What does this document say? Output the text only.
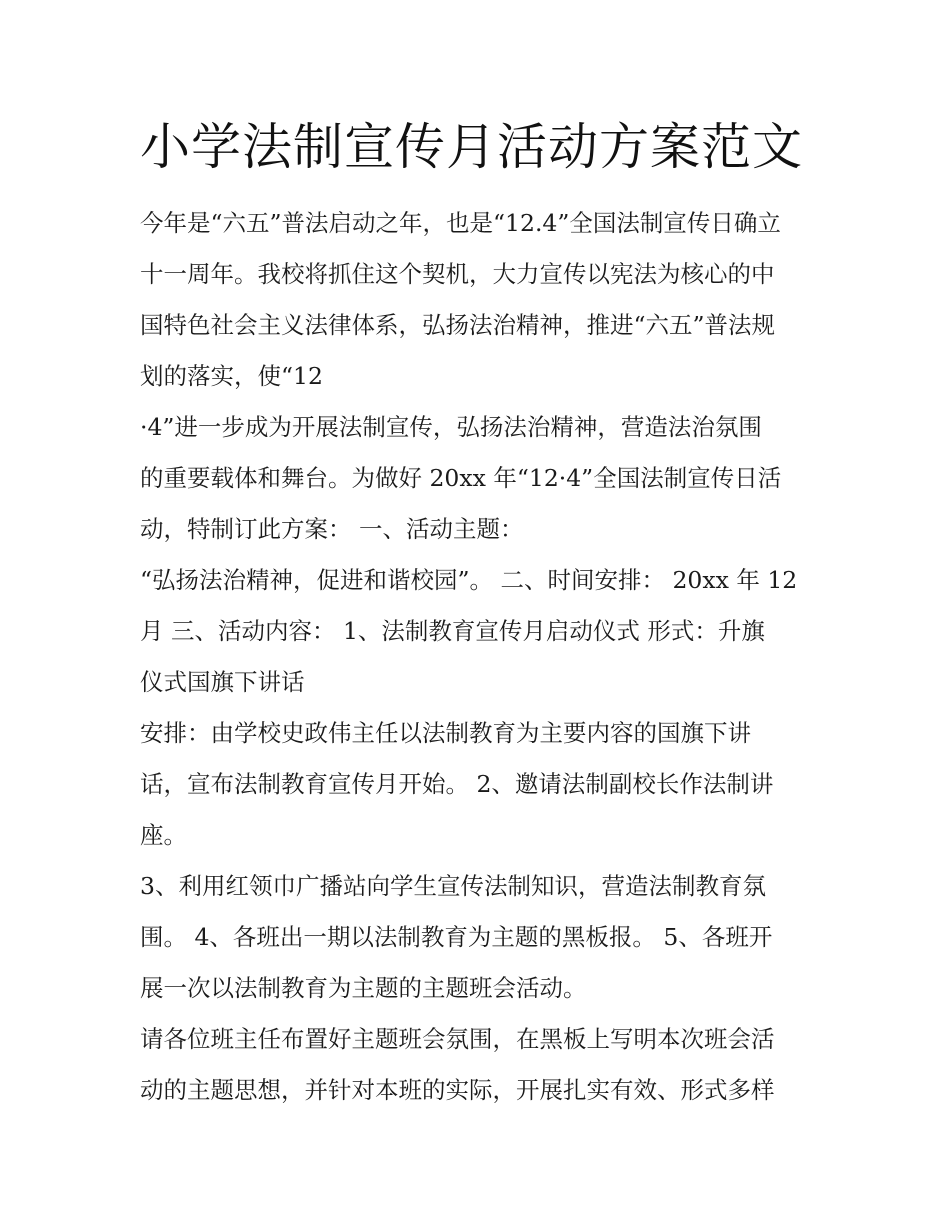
小学法制宣传月活动方案范文
今年是“六五”普法启动之年，也是“12.4”全国法制宣传日确立
十一周年。我校将抓住这个契机，大力宣传以宪法为核心的中
国特色社会主义法律体系，弘扬法治精神，推进“六五”普法规
划的落实，使“12
·4”进一步成为开展法制宣传，弘扬法治精神，营造法治氛围
的重要载体和舞台。为做好 20xx 年“12·4”全国法制宣传日活
动，特制订此方案： 一、活动主题：
“弘扬法治精神，促进和谐校园”。 二、时间安排： 20xx 年 12
月 三、活动内容： 1、法制教育宣传月启动仪式 形式：升旗
仪式国旗下讲话
安排：由学校史政伟主任以法制教育为主要内容的国旗下讲
话，宣布法制教育宣传月开始。 2、邀请法制副校长作法制讲
座。
3、利用红领巾广播站向学生宣传法制知识，营造法制教育氛
围。 4、各班出一期以法制教育为主题的黑板报。 5、各班开
展一次以法制教育为主题的主题班会活动。
请各位班主任布置好主题班会氛围，在黑板上写明本次班会活
动的主题思想，并针对本班的实际，开展扎实有效、形式多样
